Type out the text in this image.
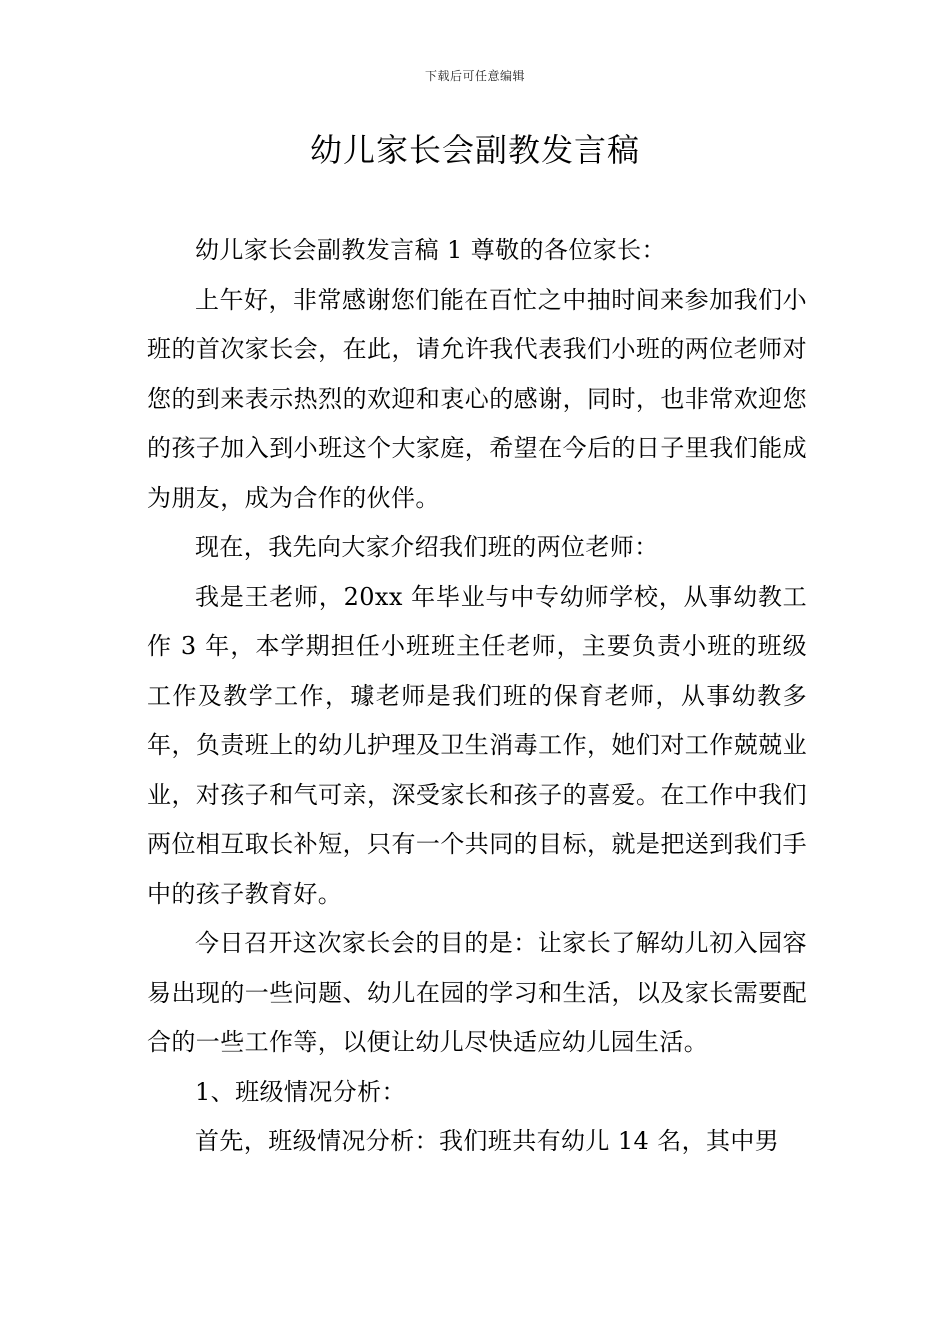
下载后可任意编辑
幼儿家长会副教发言稿

幼儿家长会副教发言稿 1 尊敬的各位家长：

上午好，非常感谢您们能在百忙之中抽时间来参加我们小班的首次家长会，在此，请允许我代表我们小班的两位老师对您的到来表示热烈的欢迎和衷心的感谢，同时，也非常欢迎您的孩子加入到小班这个大家庭，希望在今后的日子里我们能成为朋友，成为合作的伙伴。

现在，我先向大家介绍我们班的两位老师：

我是王老师，20xx 年毕业与中专幼师学校，从事幼教工作 3 年，本学期担任小班班主任老师，主要负责小班的班级工作及教学工作，璩老师是我们班的保育老师，从事幼教多年，负责班上的幼儿护理及卫生消毒工作，她们对工作兢兢业业，对孩子和气可亲，深受家长和孩子的喜爱。在工作中我们两位相互取长补短，只有一个共同的目标，就是把送到我们手中的孩子教育好。

今日召开这次家长会的目的是：让家长了解幼儿初入园容易出现的一些问题、幼儿在园的学习和生活，以及家长需要配合的一些工作等，以便让幼儿尽快适应幼儿园生活。

1、班级情况分析：

首先，班级情况分析：我们班共有幼儿 14 名，其中男
